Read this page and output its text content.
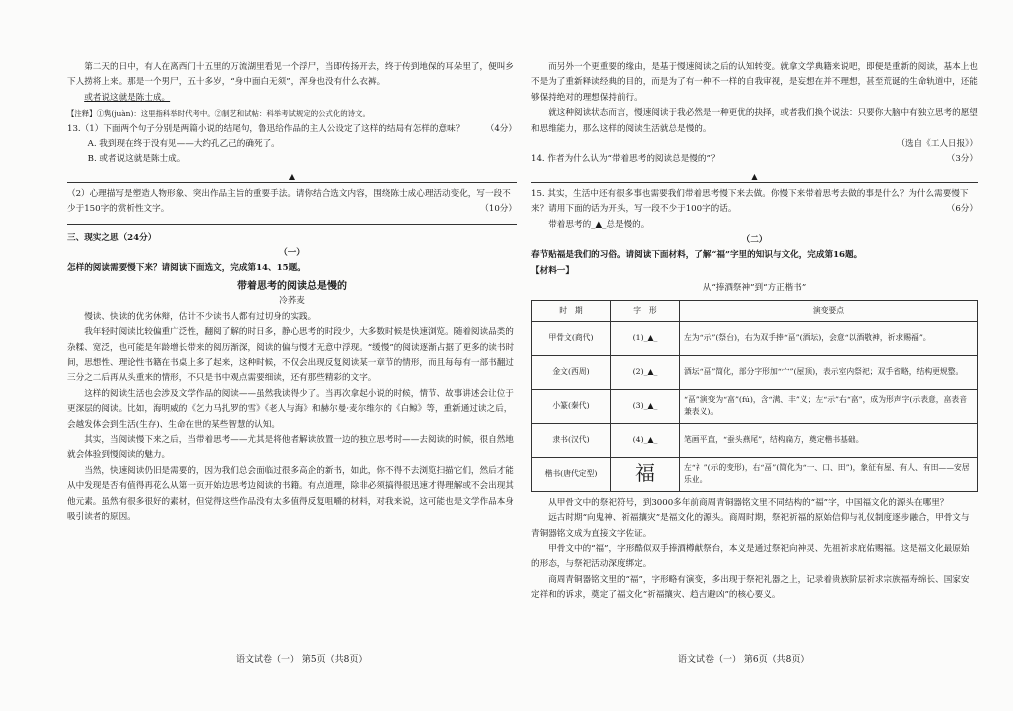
第二天的日中，有人在离西门十五里的万流湖里看见一个浮尸，当即传扬开去，终于传到地保的耳朵里了，便叫乡下人捞将上来。那是一个男尸，五十多岁，“身中面白无须”，浑身也没有什么衣裤。

或者说这就是陈士成。

【注释】①隽(juàn)：这里指科举时代考中。②制艺和试帖：科举考试规定的公式化的诗文。

13.（1）下面两个句子分别是两篇小说的结尾句，鲁迅给作品的主人公设定了这样的结局有怎样的意味？ （4分）

A. 我到现在终于没有见——大约孔乙己的确死了。

B. 或者说这就是陈士成。

▲

（2）心理描写是塑造人物形象、突出作品主旨的重要手法。请你结合选文内容，围绕陈士成心理活动变化，写一段不少于150字的赏析性文字。	（10分）

三、现实之思（24分）

（一）

怎样的阅读需要慢下来？请阅读下面选文，完成第14、15题。

带着思考的阅读总是慢的

冷荞麦

慢读、快读的优劣休辩，估计不少读书人都有过切身的实践。

我年轻时阅读比较偏重广泛性，翻阅了解的时日多，静心思考的时段少，大多数时候是快速浏览。随着阅读品类的杂糅、宽泛，也可能是年龄增长带来的阅历渐深，阅读的偏与慢才无意中浮现。“缓慢”的阅读逐渐占据了更多的读书时间，思想性、理论性书籍在书桌上多了起来，这种时候，不仅会出现反复阅读某一章节的情形，而且每每有一部书翻过三分之二后再从头重来的情形，不只是书中观点需要细读，还有那些精彩的文字。

这样的阅读生活也会涉及文学作品的阅读——虽然我读得少了。当再次拿起小说的时候，情节、故事讲述会让位于更深层的阅读。比如，海明威的《乞力马扎罗的雪》《老人与海》和赫尔曼·麦尔维尔的《白鲸》等，重新通过读之后，会越发体会到生活(生存)、生命在世的某些智慧的认知。

其实，当阅读慢下来之后，当带着思考——尤其是将他者解读放置一边的独立思考时——去阅读的时候，很自然地就会体验到慢阅读的魅力。

当然，快速阅读仍旧是需要的，因为我们总会面临过很多高企的新书，如此，你不得不去浏览扫描它们，然后才能从中发现是否有值得再花么从第一页开始边思考边阅读的书籍。有点道理，除非必须搞得很迅速才得理解或不会出现其他元素。虽然有很多很好的素材，但觉得这些作品没有太多值得反复咀嚼的材料，对我来说，这可能也是文学作品本身吸引读者的原因。

而另外一个更重要的缘由，是基于慢速阅读之后的认知转变。就拿文学典籍来说吧，即便是重新的阅读，基本上也不是为了重新释读经典的目的，而是为了有一种不一样的自我审视，是妄想在并不理想，甚至荒诞的生命轨道中，还能够保持绝对的理想保持前行。

就这种阅读状态而言，慢速阅读于我必然是一种更优的抉择，或者我们换个说法：只要你大脑中有独立思考的愿望和思维能力，那么这样的阅读生活就总是慢的。

（选自《工人日报》）

14. 作者为什么认为“带着思考的阅读总是慢的”？	（3分）

▲

15. 其实，生活中还有很多事也需要我们带着思考慢下来去做。你慢下来带着思考去做的事是什么？为什么需要慢下来？请用下面的话为开头，写一段不少于100字的话。	（6分）

带着思考的_▲_总是慢的。

（二）

春节贴福是我们的习俗。请阅读下面材料，了解“福”字里的知识与文化，完成第16题。

【材料一】

从“捧酒祭神”到“方正楷书”

时　期	字　形	演变要点
甲骨文(商代)	(1)_▲_	左为“示”(祭台)，右为双手捧“畐”(酒坛)，会意“以酒敬神，祈求赐福”。
金文(西周)	(2)_▲_	酒坛“畐”简化，部分字形加“宀”(屋顶)，表示室内祭祀；双手省略，结构更规整。
小篆(秦代)	(3)_▲_	“畐”演变为“畗”(fú)，含“满、丰”义；左“示”右“畗”，成为形声字(示表意，畗表音兼表义)。
隶书(汉代)	(4)_▲_	笔画平直，“蚕头燕尾”，结构扁方，奠定楷书基础。
楷书(唐代定型)	福	左“礻”(示的变形)，右“畐”(简化为“一、口、田”)，象征有屋、有人、有田——安居乐业。

从甲骨文中的祭祀符号，到3000多年前商周青铜器铭文里不同结构的“福”字，中国福文化的源头在哪里？

远古时期“向鬼神、祈福攘灾”是福文化的源头。商周时期，祭祀祈福的原始信仰与礼仪制度逐步融合，甲骨文与青铜器铭文成为直接文字佐证。

甲骨文中的“福”，字形酷似双手捧酒樽献祭台，本义是通过祭祀向神灵、先祖祈求庇佑赐福。这是福文化最原始的形态，与祭祀活动深度绑定。

商周青铜器铭文里的“福”，字形略有演变，多出现于祭祀礼器之上，记录着贵族阶层祈求宗族福寿绵长、国家安定祥和的诉求，奠定了福文化“祈福攘灾、趋吉避凶”的核心要义。

语文试卷（一） 第5页（共8页）	语文试卷（一） 第6页（共8页）
